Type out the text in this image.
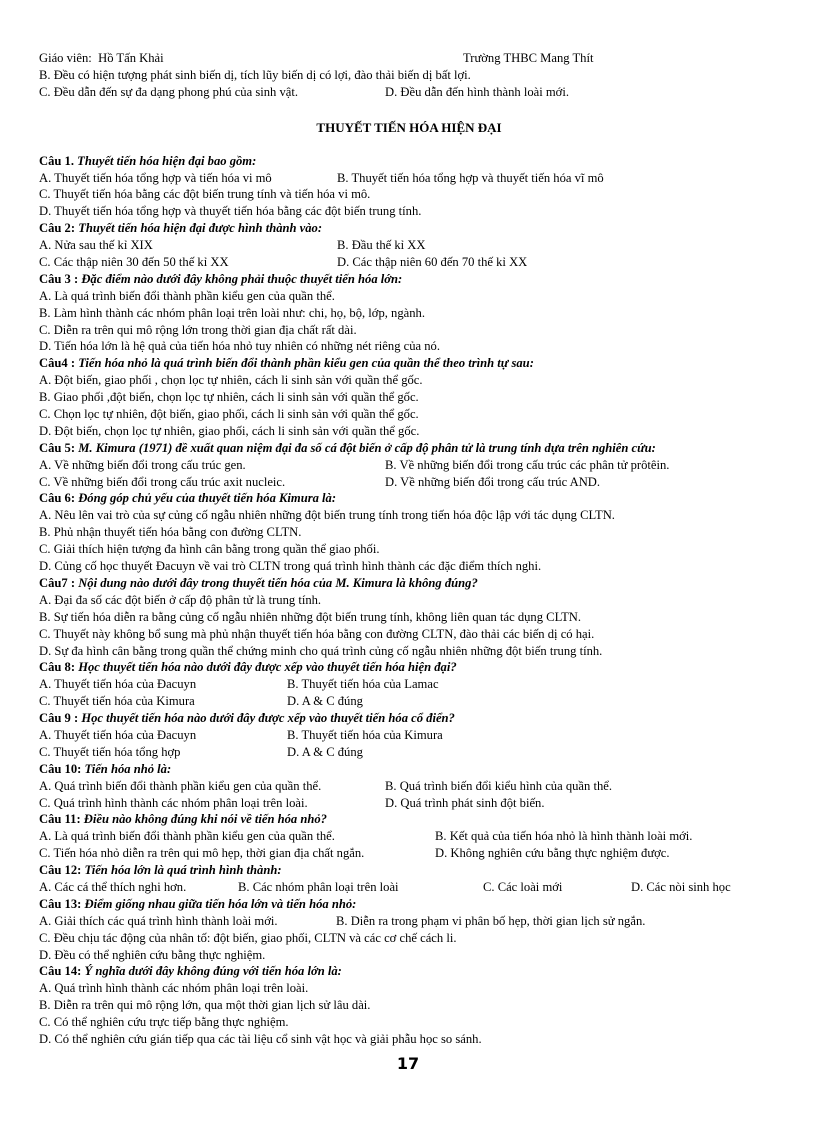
Giáo viên:  Hồ Tấn Khải	Trường THBC Mang Thít
B. Đều có hiện tượng phát sinh biến dị, tích lũy biến dị có lợi, đào thải biến dị bất lợi.
C. Đều dẫn đến sự đa dạng phong phú của sinh vật.	D. Đều dẫn đến hình thành loài mới.
THUYẾT TIẾN HÓA HIỆN ĐẠI
Câu 1. Thuyết tiến hóa hiện đại bao gồm:
A. Thuyết tiến hóa tổng hợp và tiến hóa vi mô	B. Thuyết tiến hóa tổng hợp và thuyết tiến hóa vĩ mô
C. Thuyết tiến hóa bằng các đột biến trung tính và tiến hóa vi mô.
D. Thuyết tiến hóa tổng hợp và thuyết tiến hóa bằng các đột biến trung tính.
Câu 2: Thuyết tiến hóa hiện đại được hình thành vào:
A. Nửa sau thế kỉ XIX	B. Đầu thế kỉ XX
C. Các thập niên 30 đến 50 thế kỉ XX	D. Các thập niên 60 đến 70 thế kỉ XX
Câu 3 : Đặc điểm nào dưới đây không phải thuộc thuyết tiến hóa lớn:
A. Là quá trình biến đổi thành phần kiểu gen của quần thể.
B. Làm hình thành các nhóm phân loại trên loài như: chi, họ, bộ, lớp, ngành.
C. Diễn ra trên qui mô rộng lớn trong thời gian địa chất rất dài.
D. Tiến hóa lớn là hệ quả của tiến hóa nhỏ tuy nhiên có những nét riêng của nó.
Câu4 : Tiến hóa nhỏ là quá trình biến đổi thành phần kiểu gen của quần thể theo trình tự sau:
A. Đột biến, giao phối , chọn lọc tự nhiên, cách li sinh sản với quần thể gốc.
B. Giao phối ,đột biến, chọn lọc tự nhiên, cách li sinh sản với quần thể gốc.
C. Chọn lọc tự nhiên, đột biến, giao phối, cách li sinh sản với quần thể gốc.
D. Đột biến, chọn lọc tự nhiên, giao phối, cách li sinh sản với quần thể gốc.
Câu 5: M. Kimura (1971) đề xuất quan niệm đại đa số cá đột biến ở cấp độ phân tử là trung tính dựa trên nghiên cứu:
A. Về những biến đổi trong cấu trúc gen.	B. Về những biến đổi trong cấu trúc các phân tử prôtêin.
C. Về những biến đổi trong cấu trúc axit nucleic.	D. Về những biến đổi trong cấu trúc AND.
Câu 6: Đóng góp chủ yếu của thuyết tiến hóa Kimura là:
A. Nêu lên vai trò của sự củng cố ngẫu nhiên những đột biến trung tính trong tiến hóa độc lập với tác dụng CLTN.
B. Phủ nhận thuyết tiến hóa bằng con đường CLTN.
C. Giải thích hiện tượng đa hình cân bằng trong quần thể giao phối.
D. Củng cố học thuyết Đacuyn về vai trò CLTN trong quá trình hình thành các đặc điểm thích nghi.
Câu7 : Nội dung nào dưới đây trong thuyết tiến hóa của M. Kimura là không đúng?
A. Đại đa số các đột biến ở cấp độ phân tử là trung tính.
B. Sự tiến hóa diễn ra bằng củng cố ngẫu nhiên những đột biến trung tính, không liên quan tác dụng CLTN.
C. Thuyết này không bổ sung mà phủ nhận thuyết tiến hóa bằng con đường CLTN, đào thải các biến dị có hại.
D. Sự đa hình cân bằng trong quần thể chứng minh cho quá trình củng cố ngẫu nhiên những đột biến trung tính.
Câu 8: Học thuyết tiến hóa nào dưới đây được xếp vào thuyết tiến hóa hiện đại?
A. Thuyết tiến hóa của Đacuyn	B. Thuyết tiến hóa của Lamac
C. Thuyết tiến hóa của Kimura	D. A & C đúng
Câu 9 : Học thuyết tiến hóa nào dưới đây được xếp vào thuyết tiến hóa cổ điển?
A. Thuyết tiến hóa của Đacuyn	B. Thuyết tiến hóa của Kimura
C. Thuyết tiến hóa tổng hợp	D. A & C đúng
Câu 10: Tiến hóa nhỏ là:
A. Quá trình biến đổi thành phần kiểu gen của quần thể.	B. Quá trình biến đổi kiểu hình của quần thể.
C. Quá trình hình thành các nhóm phân loại trên loài.	D. Quá trình phát sinh đột biến.
Câu 11: Điều nào không đúng khi nói về tiến hóa nhỏ?
A. Là quá trình biến đổi thành phần kiểu gen của quần thể.	B. Kết quả của tiến hóa nhỏ là hình thành loài mới.
C. Tiến hóa nhỏ diễn ra trên qui mô hẹp, thời gian địa chất ngắn.	D. Không nghiên cứu bằng thực nghiệm được.
Câu 12: Tiến hóa lớn là quá trình hình thành:
A. Các cá thể thích nghi hơn.	B. Các nhóm phân loại trên loài	C. Các loài mới	D. Các nòi sinh học
Câu 13: Điểm giống nhau giữa tiến hóa lớn và tiến hóa nhỏ:
A. Giải thích các quá trình hình thành loài mới.	B. Diễn ra trong phạm vi phân bố hẹp, thời gian lịch sử ngắn.
C. Đều chịu tác động của nhân tố: đột biến, giao phối, CLTN và các cơ chế cách li.
D. Đều có thể nghiên cứu bằng thực nghiệm.
Câu 14: Ý nghĩa dưới đây không đúng với tiến hóa lớn là:
A. Quá trình hình thành các nhóm phân loại trên loài.
B. Diễn ra trên qui mô rộng lớn, qua một thời gian lịch sử lâu dài.
C. Có thể nghiên cứu trực tiếp bằng thực nghiệm.
D. Có thể nghiên cứu gián tiếp qua các tài liệu cổ sinh vật học và giải phẫu học so sánh.
17
